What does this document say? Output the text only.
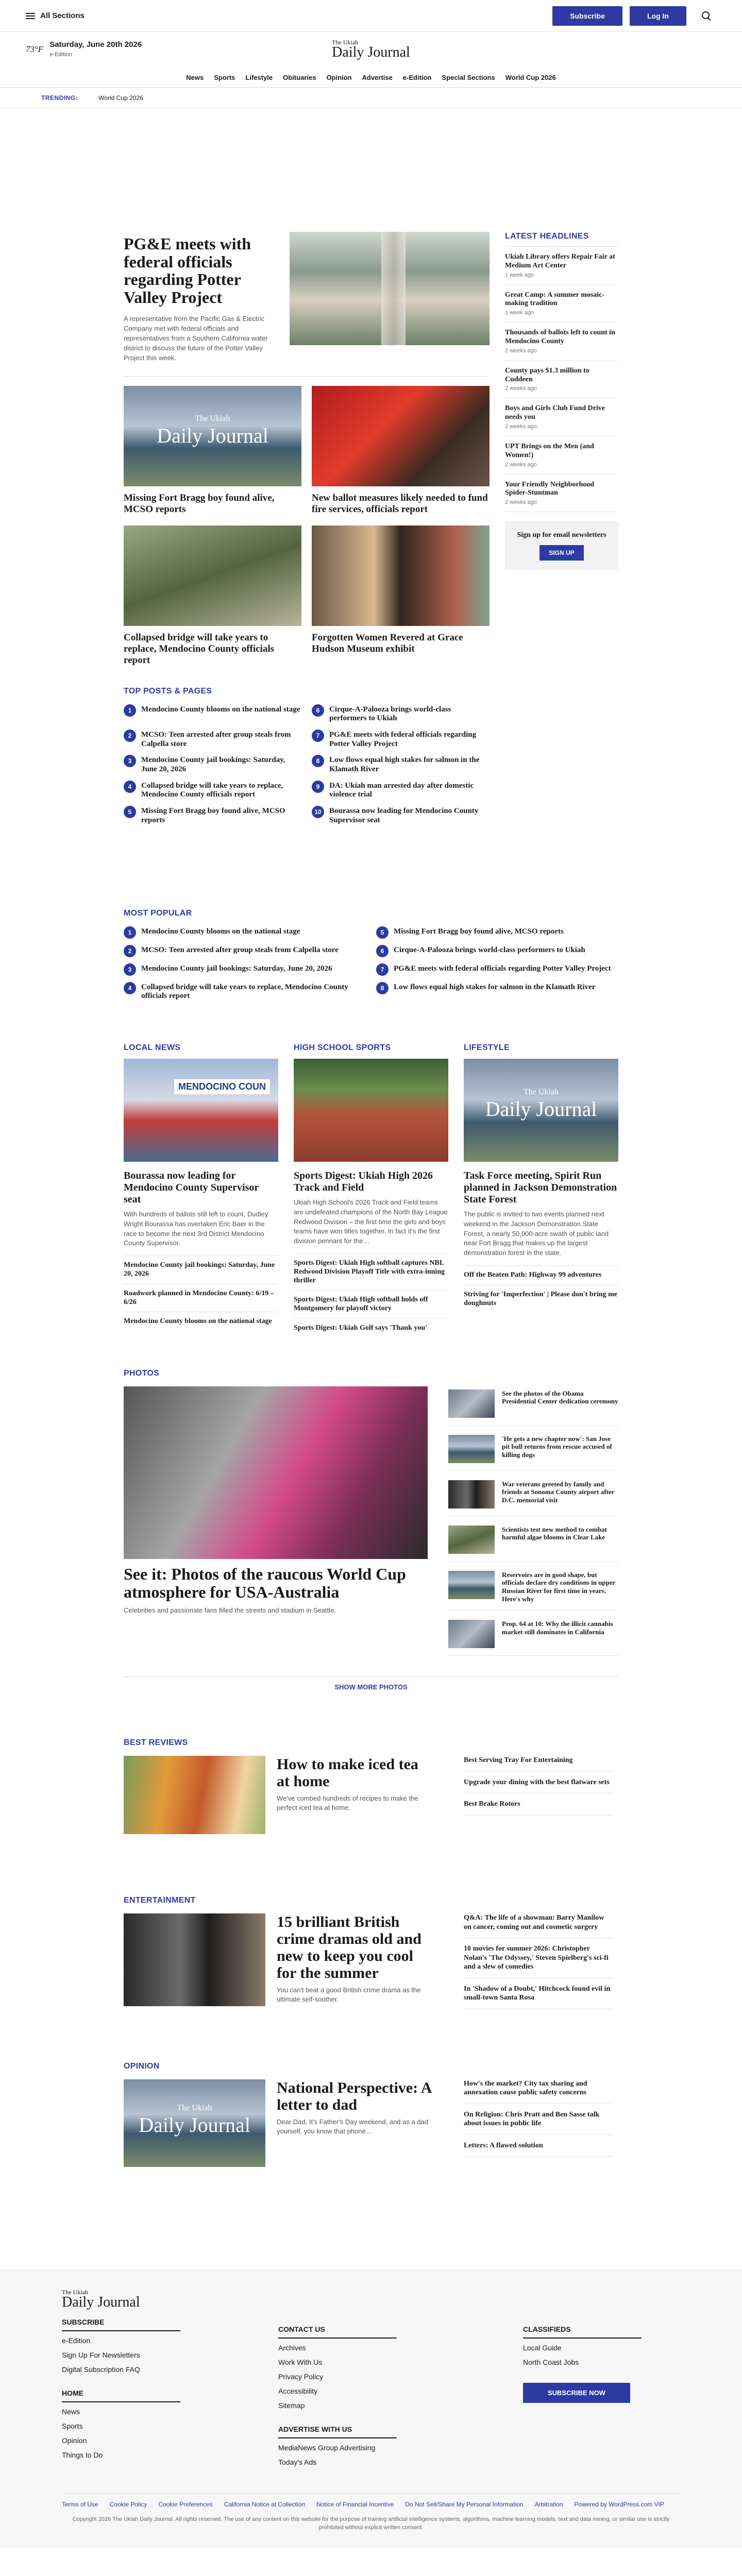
All Sections	Subscribe	Log In
73°F Saturday, June 20th 2026
e-Edition
The Ukiah
Daily Journal
News	Sports	Lifestyle	Obituaries	Opinion	Advertise	e-Edition	Special Sections	World Cup 2026
TRENDING:	World Cup 2026
PG&E meets with federal officials regarding Potter Valley Project

A representative from the Pacific Gas & Electric Company met with federal officials and representatives from a Southern California water district to discuss the future of the Potter Valley Project this week.

The Ukiah
Daily Journal
Missing Fort Bragg boy found alive, MCSO reports
New ballot measures likely needed to fund fire services, officials report
Collapsed bridge will take years to replace, Mendocino County officials report
Forgotten Women Revered at Grace Hudson Museum exhibit
LATEST HEADLINES
Ukiah Library offers Repair Fair at Medium Art Center
1 week ago
Great Camp: A summer mosaic-making tradition
1 week ago
Thousands of ballots left to count in Mendocino County
2 weeks ago
County pays $1.3 million to Cuddeen
2 weeks ago
Boys and Girls Club Fund Drive needs you
2 weeks ago
UPT Brings on the Men (and Women!)
2 weeks ago
Your Friendly Neighborhood Spider-Stuntman
2 weeks ago
Sign up for email newsletters
SIGN UP
TOP POSTS & PAGES
1	Mendocino County blooms on the national stage
2	MCSO: Teen arrested after group steals from Calpella store
3	Mendocino County jail bookings: Saturday, June 20, 2026
4	Collapsed bridge will take years to replace, Mendocino County officials report
5	Missing Fort Bragg boy found alive, MCSO reports
6	Cirque-A-Palooza brings world-class performers to Ukiah
7	PG&E meets with federal officials regarding Potter Valley Project
8	Low flows equal high stakes for salmon in the Klamath River
9	DA: Ukiah man arrested day after domestic violence trial
10	Bourassa now leading for Mendocino County Supervisor seat
MOST POPULAR
1	Mendocino County blooms on the national stage
2	MCSO: Teen arrested after group steals from Calpella store
3	Mendocino County jail bookings: Saturday, June 20, 2026
4	Collapsed bridge will take years to replace, Mendocino County officials report
5	Missing Fort Bragg boy found alive, MCSO reports
6	Cirque-A-Palooza brings world-class performers to Ukiah
7	PG&E meets with federal officials regarding Potter Valley Project
8	Low flows equal high stakes for salmon in the Klamath River
LOCAL NEWS
MENDOCINO COUN
Bourassa now leading for Mendocino County Supervisor seat

With hundreds of ballots still left to count, Dudley Wright Bourassa has overtaken Eric Baer in the race to become the next 3rd District Mendocino County Supervisor.

Mendocino County jail bookings: Saturday, June 20, 2026
Roadwork planned in Mendocino County: 6/19 – 6/26
Mendocino County blooms on the national stage
HIGH SCHOOL SPORTS
Sports Digest: Ukiah High 2026 Track and Field

Ukiah High School's 2026 Track and Field teams are undefeated champions of the North Bay League Redwood Division – the first time the girls and boys teams have won titles together. In fact it's the first division pennant for the…

Sports Digest: Ukiah High softball captures NBL Redwood Division Playoff Title with extra-inning thriller
Sports Digest: Ukiah High softball holds off Montgomery for playoff victory
Sports Digest: Ukiah Golf says 'Thank you'
LIFESTYLE
The Ukiah
Daily Journal
Task Force meeting, Spirit Run planned in Jackson Demonstration State Forest

The public is invited to two events planned next weekend in the Jackson Demonstration State Forest, a nearly 50,000-acre swath of public land near Fort Bragg that makes up the largest demonstration forest in the state.

Off the Beaten Path: Highway 99 adventures
Striving for 'Imperfection' | Please don't bring me doughnuts
PHOTOS
See it: Photos of the raucous World Cup atmosphere for USA-Australia

Celebrities and passionate fans filled the streets and stadium in Seattle.

See the photos of the Obama Presidential Center dedication ceremony
'He gets a new chapter now': San Jose pit bull returns from rescue accused of killing dogs
War veterans greeted by family and friends at Sonoma County airport after D.C. memorial visit
Scientists test new method to combat harmful algae blooms in Clear Lake
Reservoirs are in good shape, but officials declare dry conditions in upper Russian River for first time in years. Here's why
Prop. 64 at 10: Why the illicit cannabis market still dominates in California
SHOW MORE PHOTOS
BEST REVIEWS
How to make iced tea at home

We've combed hundreds of recipes to make the perfect iced tea at home.

Best Serving Tray For Entertaining
Upgrade your dining with the best flatware sets
Best Brake Rotors
ENTERTAINMENT
15 brilliant British crime dramas old and new to keep you cool for the summer

You can't beat a good British crime drama as the ultimate self-soother.

Q&A: The life of a showman: Barry Manilow on cancer, coming out and cosmetic surgery
10 movies for summer 2026: Christopher Nolan's 'The Odyssey,' Steven Spielberg's sci-fi and a slew of comedies
In 'Shadow of a Doubt,' Hitchcock found evil in small-town Santa Rosa
OPINION
The Ukiah
Daily Journal
National Perspective: A letter to dad

Dear Dad, It's Father's Day weekend, and as a dad yourself, you know that phone…

How's the market? City tax sharing and annexation cause public safety concerns
On Religion: Chris Pratt and Ben Sasse talk about issues in public life
Letters: A flawed solution
The Ukiah
Daily Journal
SUBSCRIBE
e-Edition
Sign Up For Newsletters
Digital Subscription FAQ
HOME
News
Sports
Opinion
Things to Do
CONTACT US
Archives
Work With Us
Privacy Policy
Accessibility
Sitemap
ADVERTISE WITH US
MediaNews Group Advertising
Today's Ads
CLASSIFIEDS
Local Guide
North Coast Jobs
SUBSCRIBE NOW
Terms of Use Cookie Policy Cookie Preferences California Notice at Collection Notice of Financial Incentive Do Not Sell/Share My Personal Information Arbitration Powered by WordPress.com VIP
Copyright 2026 The Ukiah Daily Journal. All rights reserved. The use of any content on this website for the purpose of training artificial intelligence systems, algorithms, machine learning models, text and data mining, or similar use is strictly prohibited without explicit written consent.
